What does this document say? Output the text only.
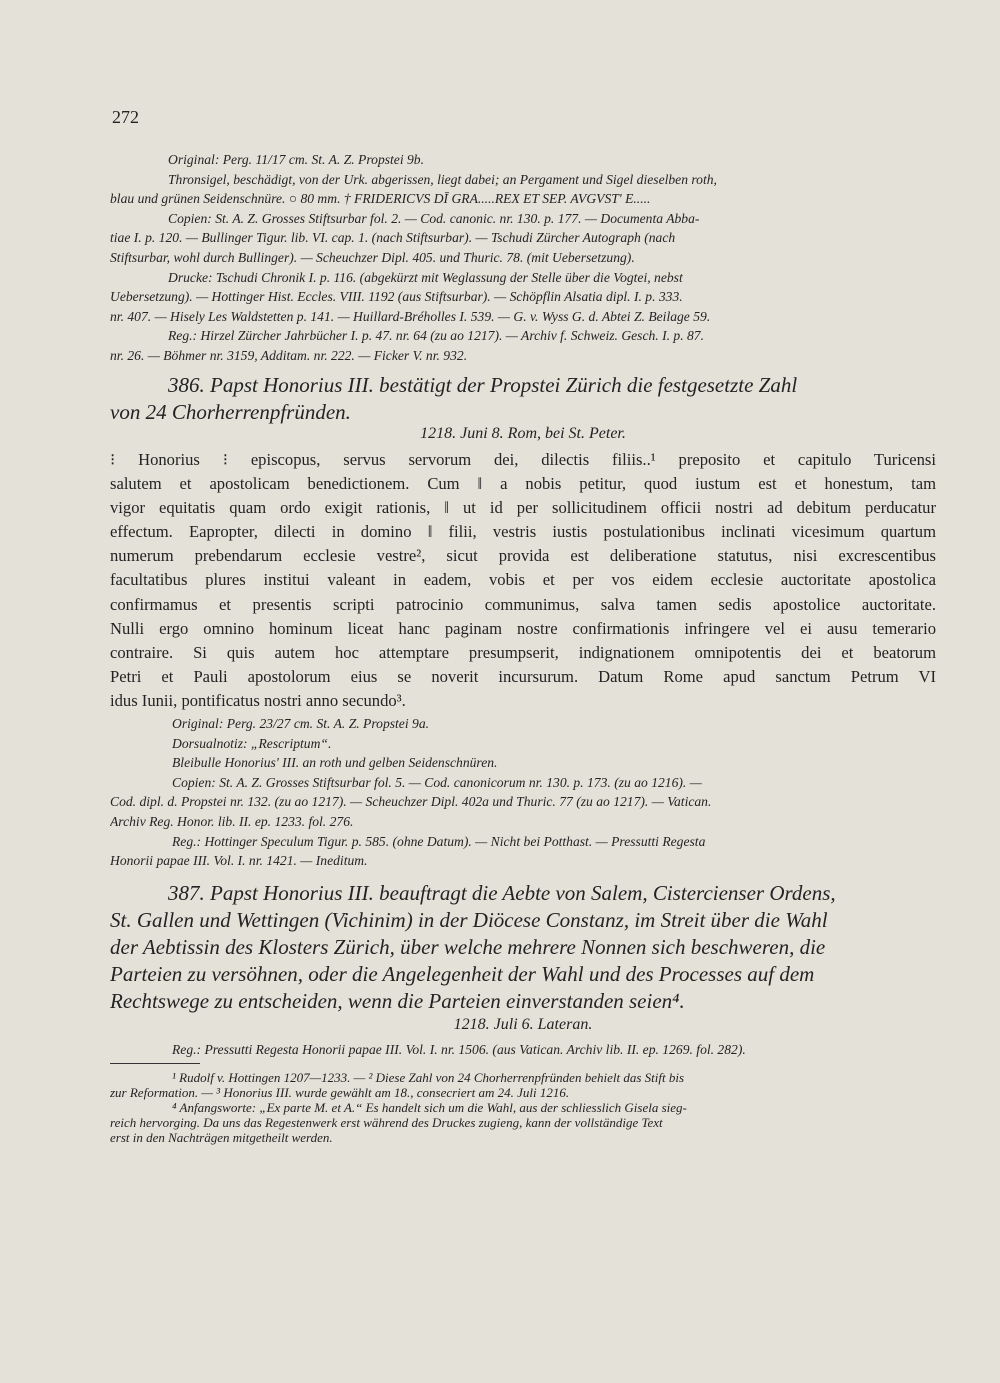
272
Original: Perg. 11/17 cm. St. A. Z. Propstei 9b.
Thronsigel, beschädigt, von der Urk. abgerissen, liegt dabei; an Pergament und Sigel dieselben roth,
blau und grünen Seidenschnüre. ○ 80 mm. † FRIDERICVS DĪ GRA.....REX ET SEP. AVGVST' E.....
Copien: St. A. Z. Grosses Stiftsurbar fol. 2. — Cod. canonic. nr. 130. p. 177. — Documenta Abba-
tiae I. p. 120. — Bullinger Tigur. lib. VI. cap. 1. (nach Stiftsurbar). — Tschudi Zürcher Autograph (nach
Stiftsurbar, wohl durch Bullinger). — Scheuchzer Dipl. 405. und Thuric. 78. (mit Uebersetzung).
Drucke: Tschudi Chronik I. p. 116. (abgekürzt mit Weglassung der Stelle über die Vogtei, nebst
Uebersetzung). — Hottinger Hist. Eccles. VIII. 1192 (aus Stiftsurbar). — Schöpflin Alsatia dipl. I. p. 333.
nr. 407. — Hisely Les Waldstetten p. 141. — Huillard-Bréholles I. 539. — G. v. Wyss G. d. Abtei Z. Beilage 59.
Reg.: Hirzel Zürcher Jahrbücher I. p. 47. nr. 64 (zu ao 1217). — Archiv f. Schweiz. Gesch. I. p. 87.
nr. 26. — Böhmer nr. 3159, Additam. nr. 222. — Ficker V. nr. 932.
386. Papst Honorius III. bestätigt der Propstei Zürich die festgesetzte Zahl
von 24 Chorherrenpfründen.
1218. Juni 8. Rom, bei St. Peter.
⁝ Honorius ⁝ episcopus, servus servorum dei, dilectis filiis..¹ preposito et capitulo Turicensi
salutem et apostolicam benedictionem. Cum ‖ a nobis petitur, quod iustum est et honestum, tam
vigor equitatis quam ordo exigit rationis, ‖ ut id per sollicitudinem officii nostri ad debitum perducatur
effectum. Eapropter, dilecti in domino ‖ filii, vestris iustis postulationibus inclinati vicesimum quartum
numerum prebendarum ecclesie vestre², sicut provida est deliberatione statutus, nisi excrescentibus
facultatibus plures institui valeant in eadem, vobis et per vos eidem ecclesie auctoritate apostolica
confirmamus et presentis scripti patrocinio communimus, salva tamen sedis apostolice auctoritate.
Nulli ergo omnino hominum liceat hanc paginam nostre confirmationis infringere vel ei ausu temerario
contraire. Si quis autem hoc attemptare presumpserit, indignationem omnipotentis dei et beatorum
Petri et Pauli apostolorum eius se noverit incursurum. Datum Rome apud sanctum Petrum VI
idus Iunii, pontificatus nostri anno secundo³.
Original: Perg. 23/27 cm. St. A. Z. Propstei 9a.
Dorsualnotiz: „Rescriptum“.
Bleibulle Honorius' III. an roth und gelben Seidenschnüren.
Copien: St. A. Z. Grosses Stiftsurbar fol. 5. — Cod. canonicorum nr. 130. p. 173. (zu ao 1216). —
Cod. dipl. d. Propstei nr. 132. (zu ao 1217). — Scheuchzer Dipl. 402a und Thuric. 77 (zu ao 1217). — Vatican.
Archiv Reg. Honor. lib. II. ep. 1233. fol. 276.
Reg.: Hottinger Speculum Tigur. p. 585. (ohne Datum). — Nicht bei Potthast. — Pressutti Regesta
Honorii papae III. Vol. I. nr. 1421. — Ineditum.
387. Papst Honorius III. beauftragt die Aebte von Salem, Cistercienser Ordens,
St. Gallen und Wettingen (Vichinim) in der Diöcese Constanz, im Streit über die Wahl
der Aebtissin des Klosters Zürich, über welche mehrere Nonnen sich beschweren, die
Parteien zu versöhnen, oder die Angelegenheit der Wahl und des Processes auf dem
Rechtswege zu entscheiden, wenn die Parteien einverstanden seien⁴.
1218. Juli 6. Lateran.
Reg.: Pressutti Regesta Honorii papae III. Vol. I. nr. 1506. (aus Vatican. Archiv lib. II. ep. 1269. fol. 282).
¹ Rudolf v. Hottingen 1207—1233. — ² Diese Zahl von 24 Chorherrenpfründen behielt das Stift bis
zur Reformation. — ³ Honorius III. wurde gewählt am 18., consecriert am 24. Juli 1216.
⁴ Anfangsworte: „Ex parte M. et A.“ Es handelt sich um die Wahl, aus der schliesslich Gisela sieg-
reich hervorging. Da uns das Regestenwerk erst während des Druckes zugieng, kann der vollständige Text
erst in den Nachträgen mitgetheilt werden.
